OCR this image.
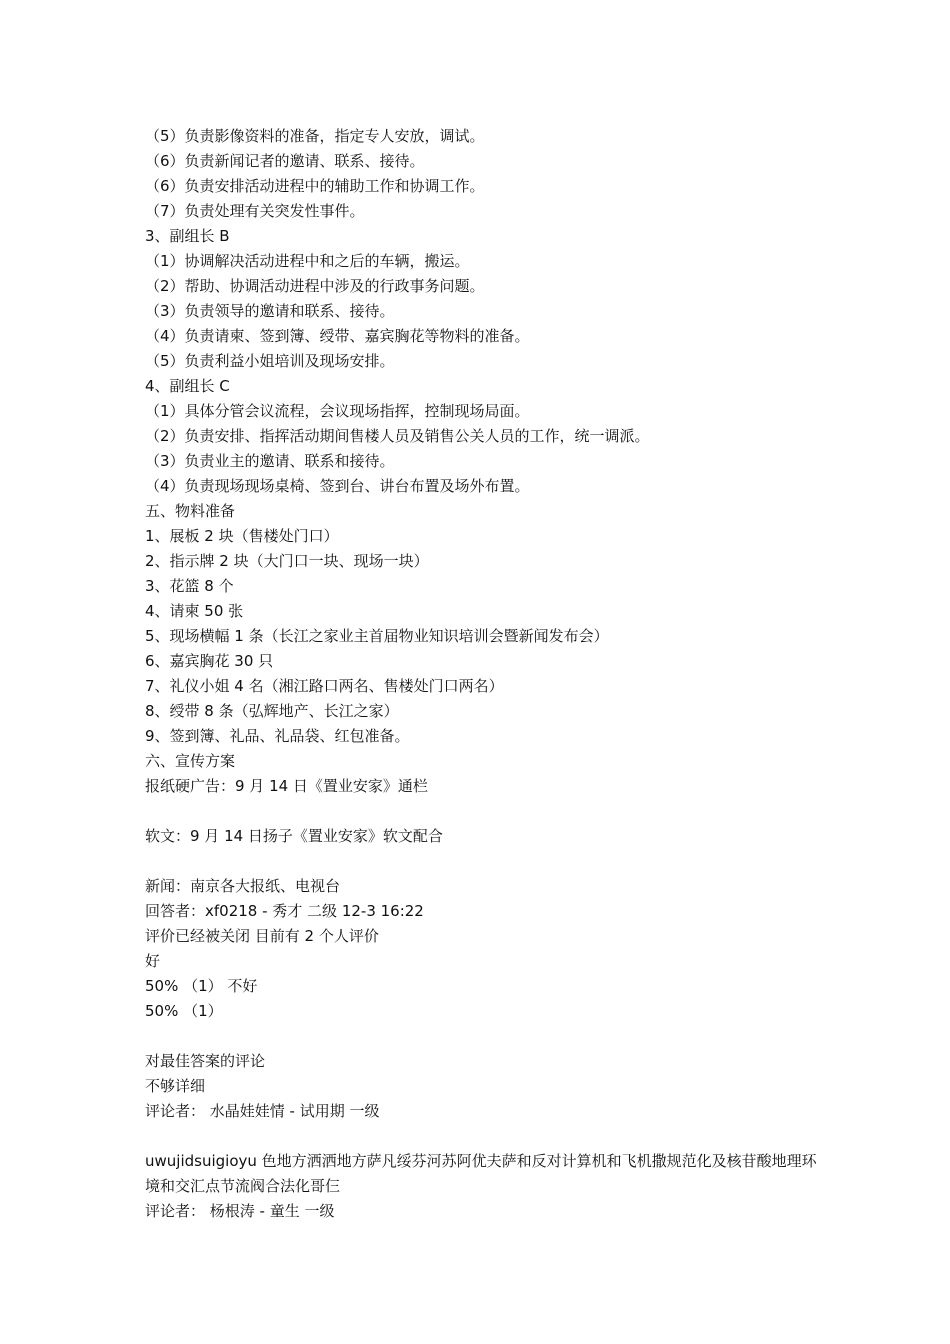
（5）负责影像资料的准备，指定专人安放，调试。
（6）负责新闻记者的邀请、联系、接待。
（6）负责安排活动进程中的辅助工作和协调工作。
（7）负责处理有关突发性事件。
3、副组长 B
（1）协调解决活动进程中和之后的车辆，搬运。
（2）帮助、协调活动进程中涉及的行政事务问题。
（3）负责领导的邀请和联系、接待。
（4）负责请柬、签到簿、绶带、嘉宾胸花等物料的准备。
（5）负责利益小姐培训及现场安排。
4、副组长 C
（1）具体分管会议流程，会议现场指挥，控制现场局面。
（2）负责安排、指挥活动期间售楼人员及销售公关人员的工作，统一调派。
（3）负责业主的邀请、联系和接待。
（4）负责现场现场桌椅、签到台、讲台布置及场外布置。
五、物料准备
1、展板 2 块（售楼处门口）
2、指示牌 2 块（大门口一块、现场一块）
3、花篮 8 个
4、请柬 50 张
5、现场横幅 1 条（长江之家业主首届物业知识培训会暨新闻发布会）
6、嘉宾胸花 30 只
7、礼仪小姐 4 名（湘江路口两名、售楼处门口两名）
8、绶带 8 条（弘辉地产、长江之家）
9、签到簿、礼品、礼品袋、红包准备。
六、宣传方案
报纸硬广告：9 月 14 日《置业安家》通栏
软文：9 月 14 日扬子《置业安家》软文配合
新闻：南京各大报纸、电视台
回答者：xf0218 - 秀才 二级 12-3 16:22
评价已经被关闭 目前有 2 个人评价
好
50% （1） 不好
50% （1）
对最佳答案的评论
不够详细
评论者： 水晶娃娃情 - 试用期 一级
uwujidsuigioyu 色地方洒洒地方萨凡绥芬河苏阿优夫萨和反对计算机和飞机撒规范化及核苷酸地理环境和交汇点节流阀合法化哥仨
评论者： 杨根涛 - 童生 一级
